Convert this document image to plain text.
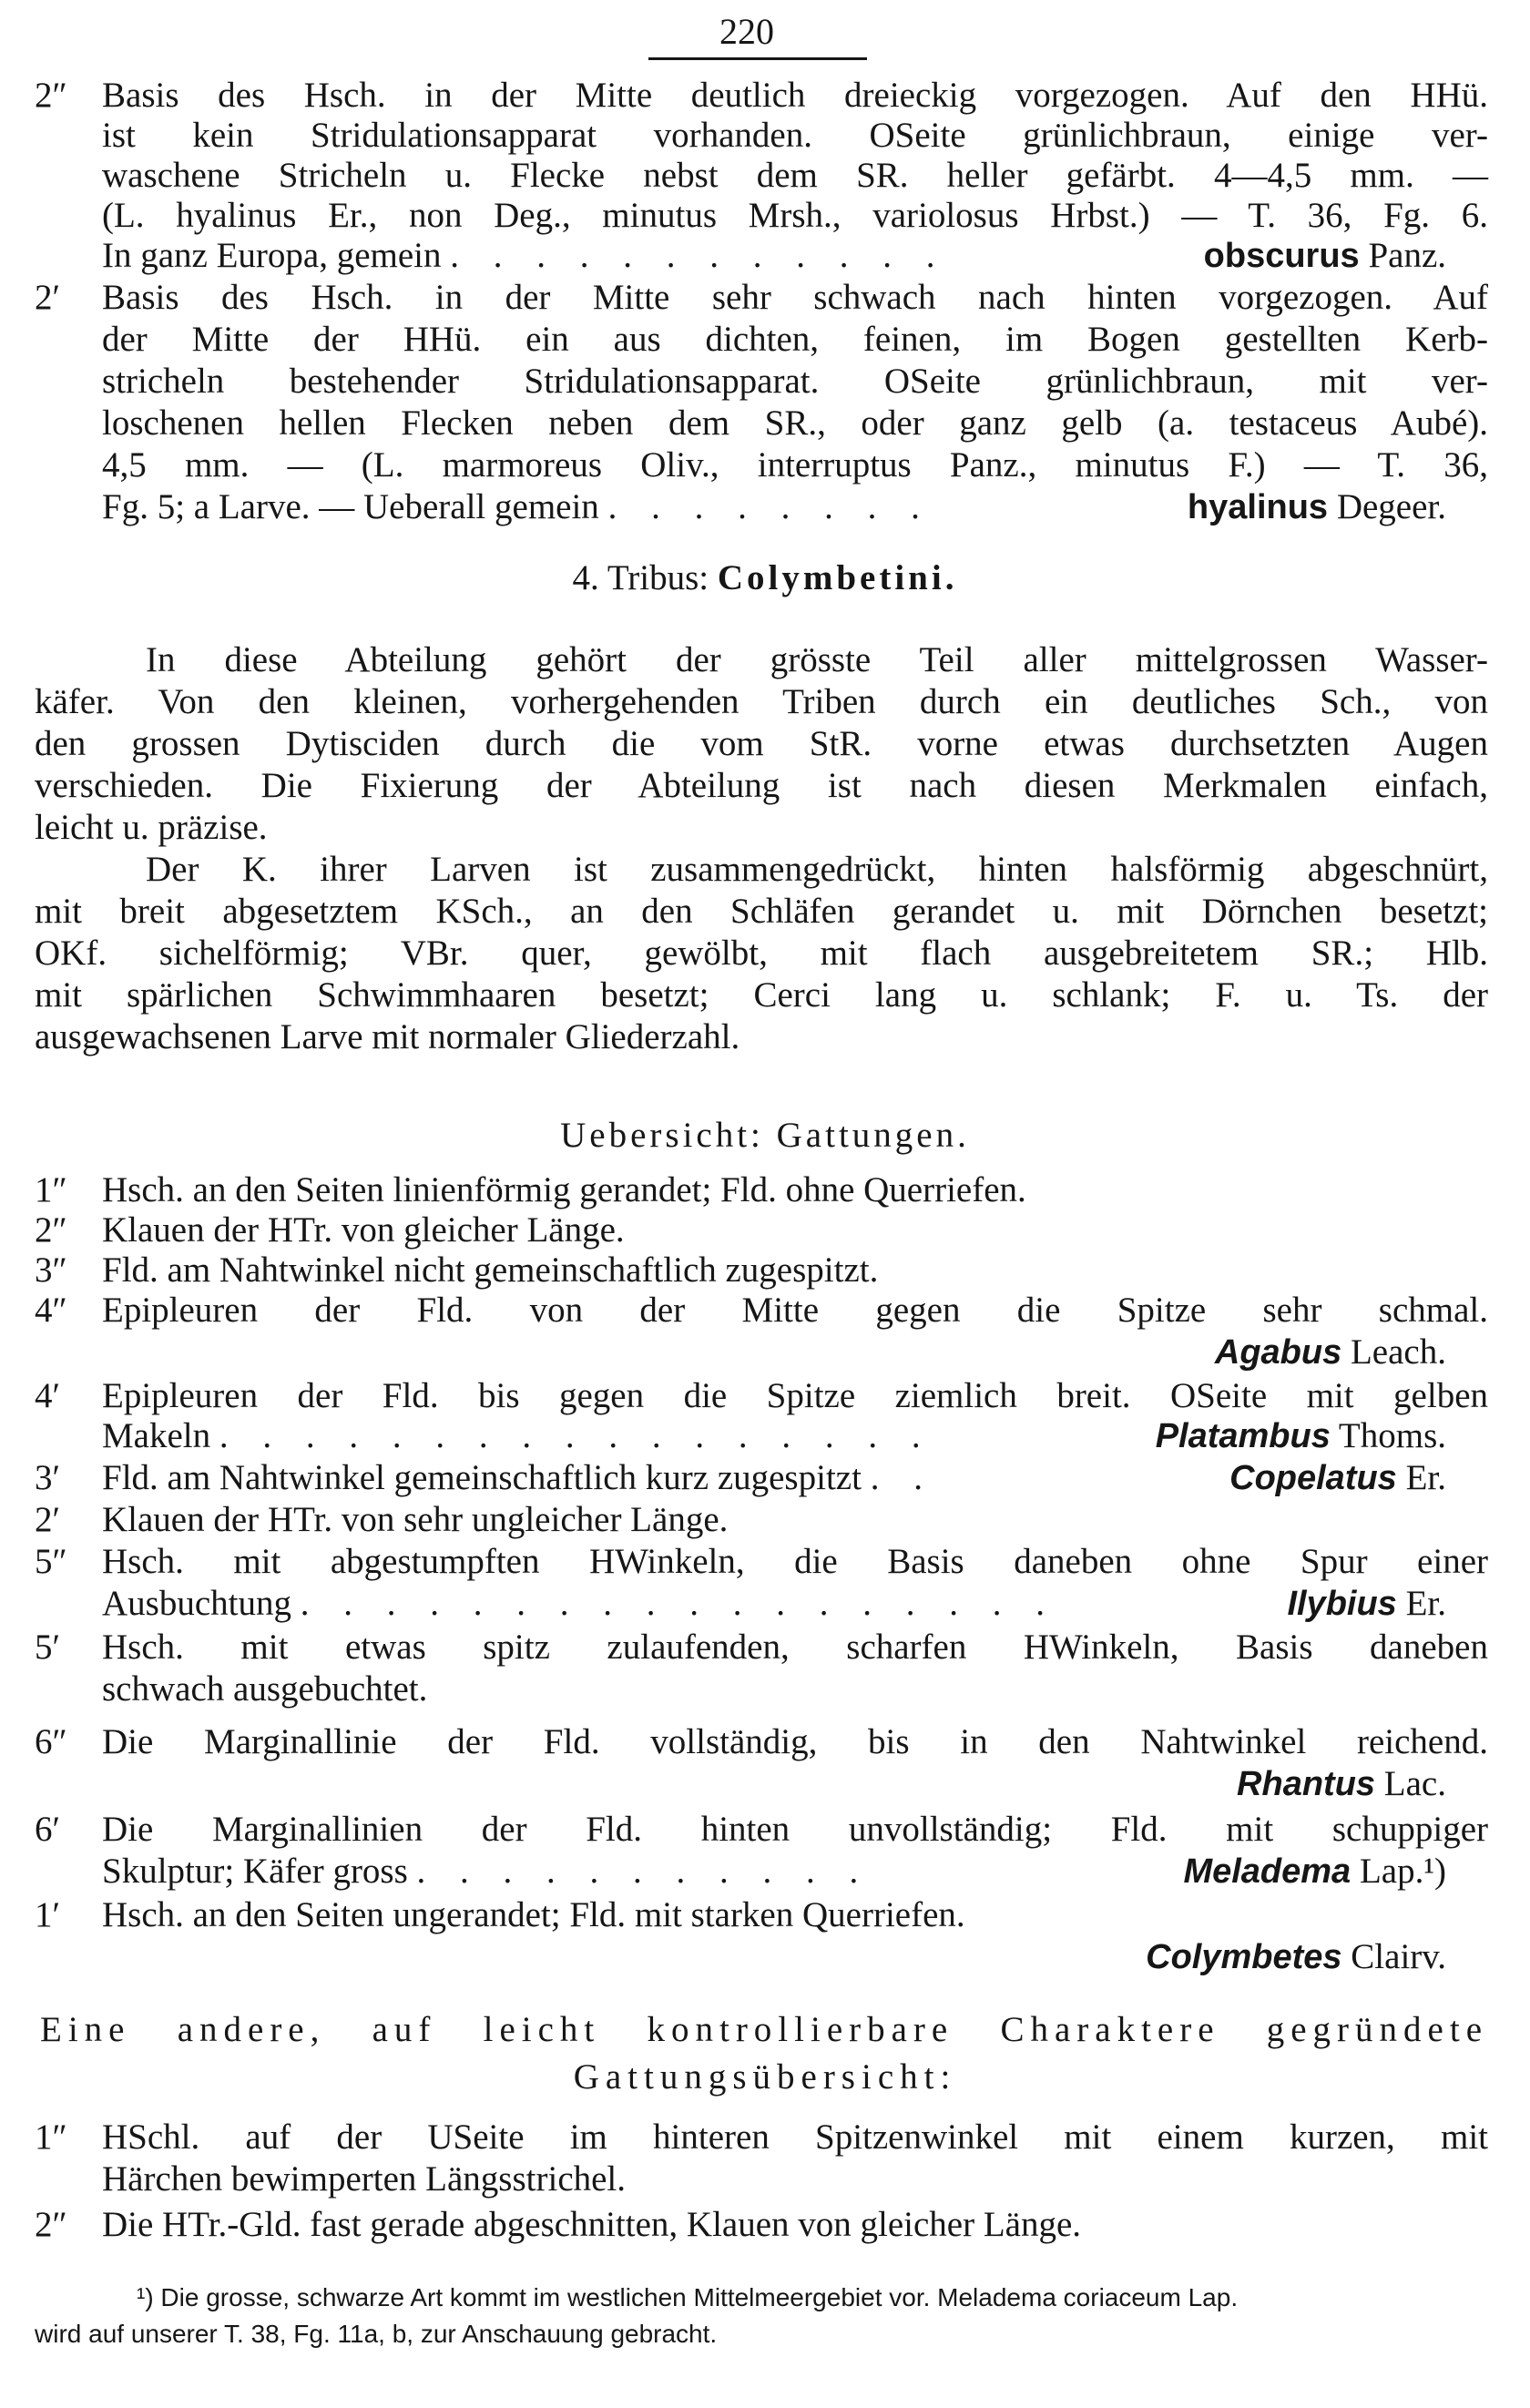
220
2″ Basis des Hsch. in der Mitte deutlich dreieckig vorgezogen. Auf den HHü.
ist kein Stridulationsapparat vorhanden. OSeite grünlichbraun, einige ver-
waschene Stricheln u. Flecke nebst dem SR. heller gefärbt. 4—4,5 mm. —
(L. hyalinus Er., non Deg., minutus Mrsh., variolosus Hrbst.) — T. 36, Fg. 6.
In ganz Europa, gemein . . . . . . . . . . . .	obscurus Panz.
2′	Basis des Hsch. in der Mitte sehr schwach nach hinten vorgezogen. Auf
der Mitte der HHü. ein aus dichten, feinen, im Bogen gestellten Kerb-
stricheln bestehender Stridulationsapparat. OSeite grünlichbraun, mit ver-
loschenen hellen Flecken neben dem SR., oder ganz gelb (a. testaceus Aubé).
4,5 mm. — (L. marmoreus Oliv., interruptus Panz., minutus F.) — T. 36,
Fg. 5; a Larve. — Ueberall gemein . . . . . . . .	hyalinus Degeer.
4. Tribus: Colymbetini.
In diese Abteilung gehört der grösste Teil aller mittelgrossen Wasser-
käfer. Von den kleinen, vorhergehenden Triben durch ein deutliches Sch., von
den grossen Dytisciden durch die vom StR. vorne etwas durchsetzten Augen
verschieden. Die Fixierung der Abteilung ist nach diesen Merkmalen einfach,
leicht u. präzise.
Der K. ihrer Larven ist zusammengedrückt, hinten halsförmig abgeschnürt,
mit breit abgesetztem KSch., an den Schläfen gerandet u. mit Dörnchen besetzt;
OKf. sichelförmig; VBr. quer, gewölbt, mit flach ausgebreitetem SR.; Hlb.
mit spärlichen Schwimmhaaren besetzt; Cerci lang u. schlank; F. u. Ts. der
ausgewachsenen Larve mit normaler Gliederzahl.
Uebersicht: Gattungen.
1″ Hsch. an den Seiten linienförmig gerandet; Fld. ohne Querriefen.
2″ Klauen der HTr. von gleicher Länge.
3″ Fld. am Nahtwinkel nicht gemeinschaftlich zugespitzt.
4″ Epipleuren der Fld. von der Mitte gegen die Spitze sehr schmal.
Agabus Leach.
4′	Epipleuren der Fld. bis gegen die Spitze ziemlich breit. OSeite mit gelben
Makeln . . . . . . . . . . . . . . . . .	Platambus Thoms.
3′	Fld. am Nahtwinkel gemeinschaftlich kurz zugespitzt . .	Copelatus Er.
2′	Klauen der HTr. von sehr ungleicher Länge.
5″ Hsch. mit abgestumpften HWinkeln, die Basis daneben ohne Spur einer
Ausbuchtung . . . . . . . . . . . . . . . . . .	Ilybius Er.
5′	Hsch. mit etwas spitz zulaufenden, scharfen HWinkeln, Basis daneben
schwach ausgebuchtet.
6″ Die Marginallinie der Fld. vollständig, bis in den Nahtwinkel reichend.
Rhantus Lac.
6′	Die Marginallinien der Fld. hinten unvollständig; Fld. mit schuppiger
Skulptur; Käfer gross . . . . . . . . . . .	Meladema Lap.¹)
1′	Hsch. an den Seiten ungerandet; Fld. mit starken Querriefen.
Colymbetes Clairv.
Eine andere, auf leicht kontrollierbare Charaktere gegründete
Gattungsübersicht:
1″ HSchl. auf der USeite im hinteren Spitzenwinkel mit einem kurzen, mit
Härchen bewimperten Längsstrichel.
2″ Die HTr.-Gld. fast gerade abgeschnitten, Klauen von gleicher Länge.
¹) Die grosse, schwarze Art kommt im westlichen Mittelmeergebiet vor. Meladema coriaceum Lap.
wird auf unserer T. 38, Fg. 11a, b, zur Anschauung gebracht.
